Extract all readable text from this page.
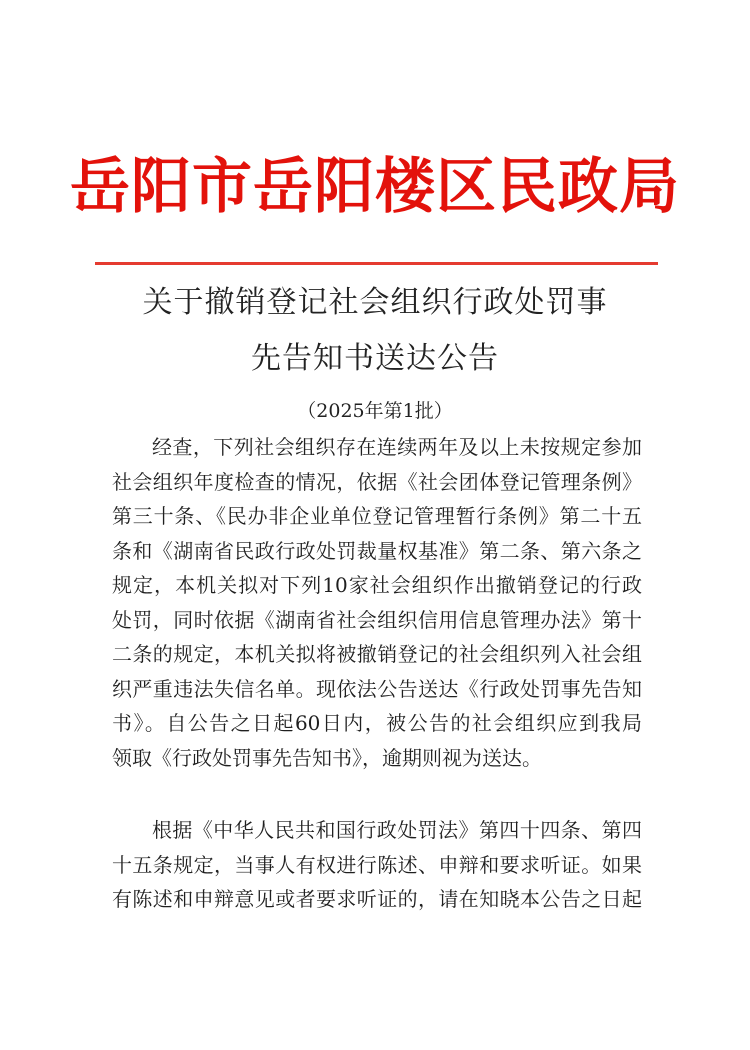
岳阳市岳阳楼区民政局
关于撤销登记社会组织行政处罚事
先告知书送达公告
（2025年第1批）
经查，下列社会组织存在连续两年及以上未按规定参加
社会组织年度检查的情况，依据《社会团体登记管理条例》
第三十条、《民办非企业单位登记管理暂行条例》第二十五
条和《湖南省民政行政处罚裁量权基准》第二条、第六条之
规定，本机关拟对下列10家社会组织作出撤销登记的行政
处罚，同时依据《湖南省社会组织信用信息管理办法》第十
二条的规定，本机关拟将被撤销登记的社会组织列入社会组
织严重违法失信名单。现依法公告送达《行政处罚事先告知
书》。自公告之日起60日内，被公告的社会组织应到我局
领取《行政处罚事先告知书》，逾期则视为送达。
根据《中华人民共和国行政处罚法》第四十四条、第四
十五条规定，当事人有权进行陈述、申辩和要求听证。如果
有陈述和申辩意见或者要求听证的，请在知晓本公告之日起
